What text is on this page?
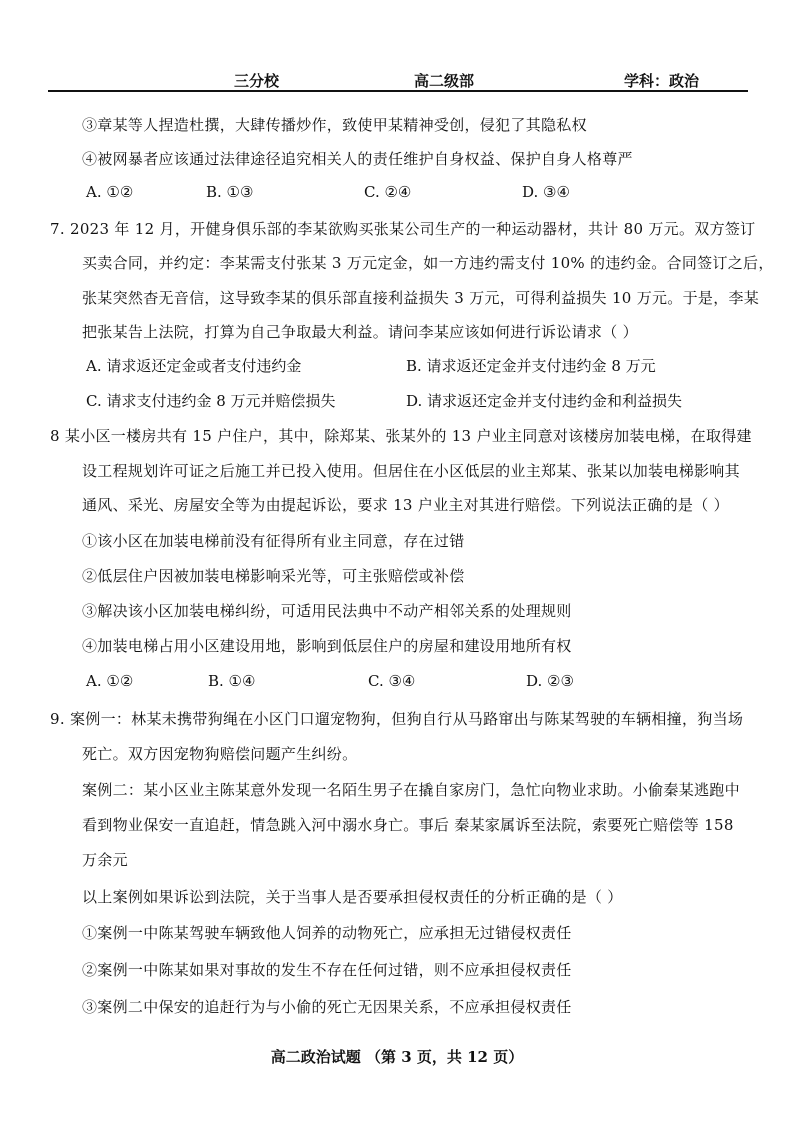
三分校	高二级部	学科：政治
③章某等人捏造杜撰，大肆传播炒作，致使甲某精神受创，侵犯了其隐私权
④被网暴者应该通过法律途径追究相关人的责任维护自身权益、保护自身人格尊严
A. ①②	B. ①③	C. ②④	D. ③④
7. 2023 年 12 月，开健身俱乐部的李某欲购买张某公司生产的一种运动器材，共计 80 万元。双方签订
买卖合同，并约定：李某需支付张某 3 万元定金，如一方违约需支付 10% 的违约金。合同签订之后，
张某突然杳无音信，这导致李某的俱乐部直接利益损失 3 万元，可得利益损失 10 万元。于是，李某
把张某告上法院，打算为自己争取最大利益。请问李某应该如何进行诉讼请求（ ）
A. 请求返还定金或者支付违约金	B. 请求返还定金并支付违约金 8 万元
C. 请求支付违约金 8 万元并赔偿损失	D. 请求返还定金并支付违约金和利益损失
8 某小区一楼房共有 15 户住户，其中，除郑某、张某外的 13 户业主同意对该楼房加装电梯，在取得建
设工程规划许可证之后施工并已投入使用。但居住在小区低层的业主郑某、张某以加装电梯影响其
通风、采光、房屋安全等为由提起诉讼，要求 13 户业主对其进行赔偿。下列说法正确的是（ ）
①该小区在加装电梯前没有征得所有业主同意，存在过错
②低层住户因被加装电梯影响采光等，可主张赔偿或补偿
③解决该小区加装电梯纠纷，可适用民法典中不动产相邻关系的处理规则
④加装电梯占用小区建设用地，影响到低层住户的房屋和建设用地所有权
A. ①②	B. ①④	C. ③④	D. ②③
9. 案例一：林某未携带狗绳在小区门口遛宠物狗，但狗自行从马路窜出与陈某驾驶的车辆相撞，狗当场
死亡。双方因宠物狗赔偿问题产生纠纷。
案例二：某小区业主陈某意外发现一名陌生男子在撬自家房门，急忙向物业求助。小偷秦某逃跑中
看到物业保安一直追赶，情急跳入河中溺水身亡。事后 秦某家属诉至法院，索要死亡赔偿等 158
万余元
以上案例如果诉讼到法院，关于当事人是否要承担侵权责任的分析正确的是（ ）
①案例一中陈某驾驶车辆致他人饲养的动物死亡，应承担无过错侵权责任
②案例一中陈某如果对事故的发生不存在任何过错，则不应承担侵权责任
③案例二中保安的追赶行为与小偷的死亡无因果关系，不应承担侵权责任
高二政治试题 （第 3 页，共 12 页）
